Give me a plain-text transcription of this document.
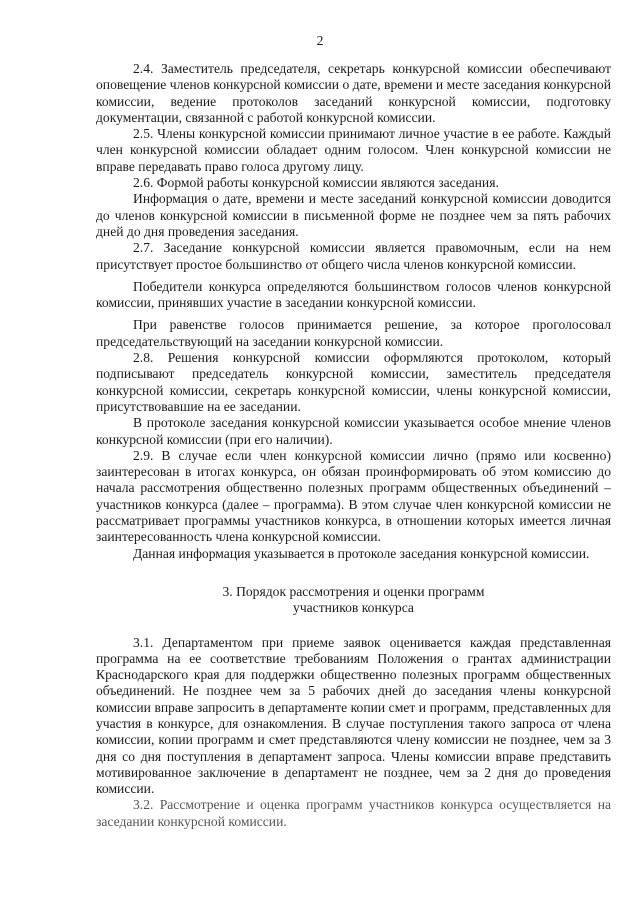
2

2.4. Заместитель председателя, секретарь конкурсной комиссии обеспечивают оповещение членов конкурсной комиссии о дате, времени и месте заседания конкурсной комиссии, ведение протоколов заседаний конкурсной комиссии, подготовку документации, связанной с работой конкурсной комиссии.

2.5. Члены конкурсной комиссии принимают личное участие в ее работе. Каждый член конкурсной комиссии обладает одним голосом. Член конкурсной комиссии не вправе передавать право голоса другому лицу.

2.6. Формой работы конкурсной комиссии являются заседания.

Информация о дате, времени и месте заседаний конкурсной комиссии доводится до членов конкурсной комиссии в письменной форме не позднее чем за пять рабочих дней до дня проведения заседания.

2.7. Заседание конкурсной комиссии является правомочным, если на нем присутствует простое большинство от общего числа членов конкурсной комиссии.

Победители конкурса определяются большинством голосов членов конкурсной комиссии, принявших участие в заседании конкурсной комиссии.

При равенстве голосов принимается решение, за которое проголосовал председательствующий на заседании конкурсной комиссии.

2.8. Решения конкурсной комиссии оформляются протоколом, который подписывают председатель конкурсной комиссии, заместитель председателя конкурсной комиссии, секретарь конкурсной комиссии, члены конкурсной комиссии, присутствовавшие на ее заседании.

В протоколе заседания конкурсной комиссии указывается особое мнение членов конкурсной комиссии (при его наличии).

2.9. В случае если член конкурсной комиссии лично (прямо или косвенно) заинтересован в итогах конкурса, он обязан проинформировать об этом комиссию до начала рассмотрения общественно полезных программ общественных объединений – участников конкурса (далее – программа). В этом случае член конкурсной комиссии не рассматривает программы участников конкурса, в отношении которых имеется личная заинтересованность члена конкурсной комиссии.

Данная информация указывается в протоколе заседания конкурсной комиссии.

3. Порядок рассмотрения и оценки программ
участников конкурса

3.1. Департаментом при приеме заявок оценивается каждая представленная программа на ее соответствие требованиям Положения о грантах администрации Краснодарского края для поддержки общественно полезных программ общественных объединений. Не позднее чем за 5 рабочих дней до заседания члены конкурсной комиссии вправе запросить в департаменте копии смет и программ, представленных для участия в конкурсе, для ознакомления. В случае поступления такого запроса от члена комиссии, копии программ и смет представляются члену комиссии не позднее, чем за 3 дня со дня поступления в департамент запроса. Члены комиссии вправе представить мотивированное заключение в департамент не позднее, чем за 2 дня до проведения комиссии.

3.2. Рассмотрение и оценка программ участников конкурса осуществляется на заседании конкурсной комиссии.
